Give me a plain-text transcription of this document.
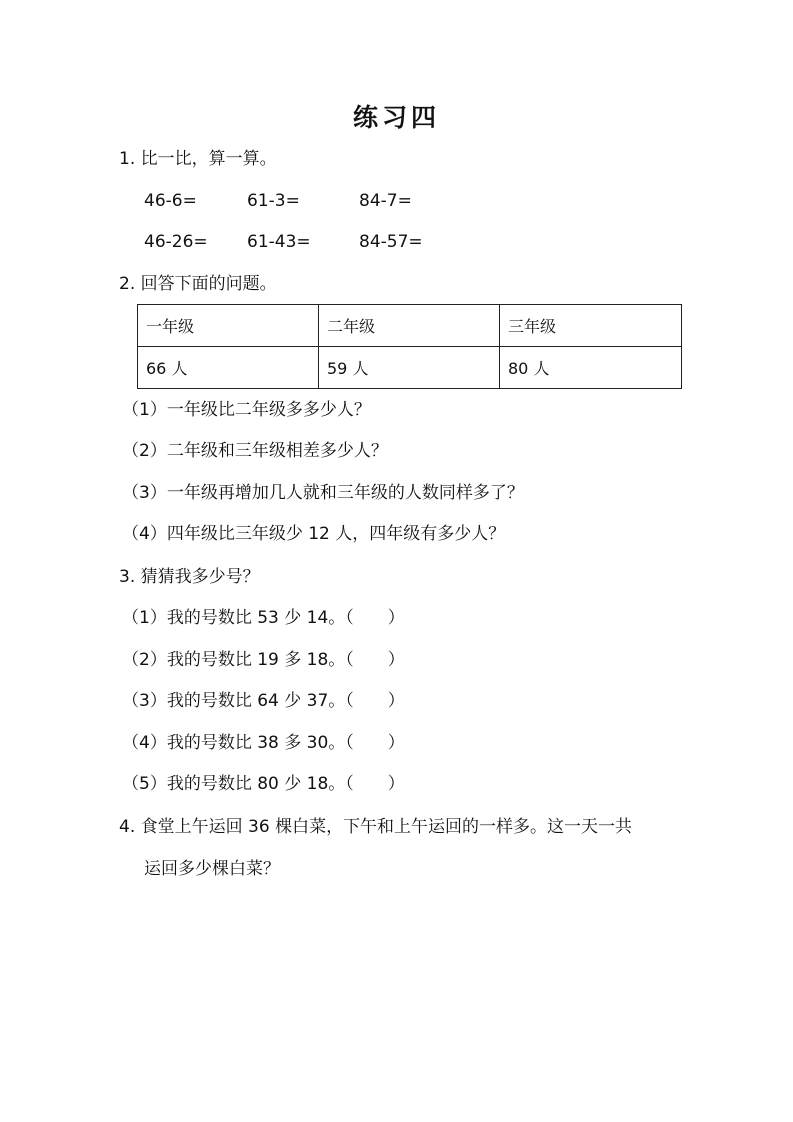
练习四
1. 比一比，算一算。
46-6=	61-3=	84-7=
46-26= 61-43=	84-57=
2. 回答下面的问题。
一年级	二年级	三年级
66 人	59 人	80 人
（1）一年级比二年级多多少人？
（2）二年级和三年级相差多少人？
（3）一年级再增加几人就和三年级的人数同样多了？
（4）四年级比三年级少 12 人，四年级有多少人？
3. 猜猜我多少号？
（1）我的号数比 53 少 14。（　　）
（2）我的号数比 19 多 18。（　　）
（3）我的号数比 64 少 37。（　　）
（4）我的号数比 38 多 30。（　　）
（5）我的号数比 80 少 18。（　　）
4. 食堂上午运回 36 棵白菜，下午和上午运回的一样多。这一天一共
运回多少棵白菜？
